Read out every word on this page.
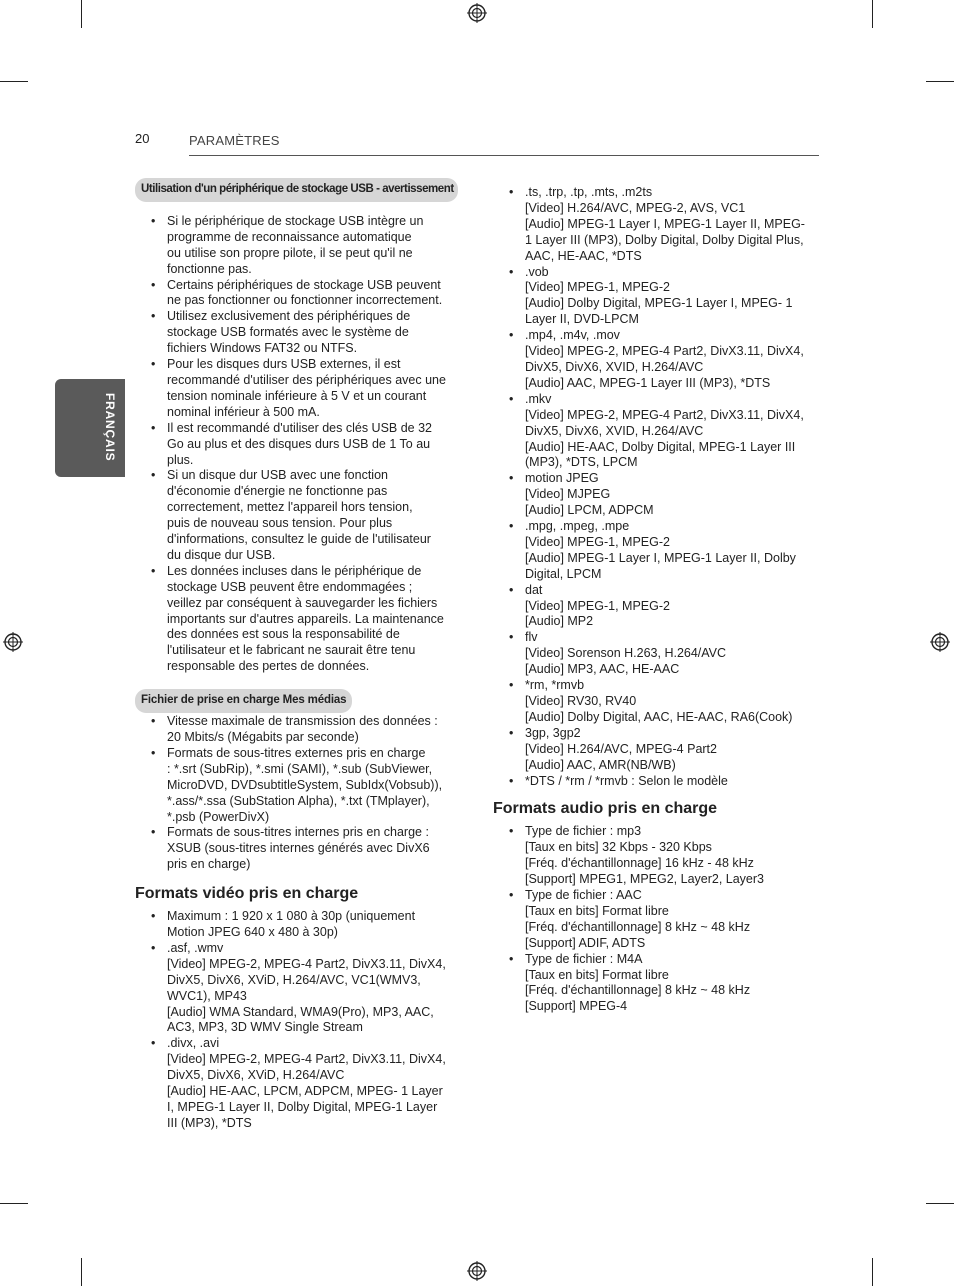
20	PARAMÈTRES
FRANÇAIS
Utilisation d'un périphérique de stockage USB - avertissement
• Si le périphérique de stockage USB intègre un
programme de reconnaissance automatique
ou utilise son propre pilote, il se peut qu'il ne
fonctionne pas.
• Certains périphériques de stockage USB peuvent
ne pas fonctionner ou fonctionner incorrectement.
• Utilisez exclusivement des périphériques de
stockage USB formatés avec le système de
fichiers Windows FAT32 ou NTFS.
• Pour les disques durs USB externes, il est
recommandé d'utiliser des périphériques avec une
tension nominale inférieure à 5 V et un courant
nominal inférieur à 500 mA.
• Il est recommandé d'utiliser des clés USB de 32
Go au plus et des disques durs USB de 1 To au
plus.
• Si un disque dur USB avec une fonction
d'économie d'énergie ne fonctionne pas
correctement, mettez l'appareil hors tension,
puis de nouveau sous tension. Pour plus
d'informations, consultez le guide de l'utilisateur
du disque dur USB.
• Les données incluses dans le périphérique de
stockage USB peuvent être endommagées ;
veillez par conséquent à sauvegarder les fichiers
importants sur d'autres appareils. La maintenance
des données est sous la responsabilité de
l'utilisateur et le fabricant ne saurait être tenu
responsable des pertes de données.
Fichier de prise en charge Mes médias
• Vitesse maximale de transmission des données :
20 Mbits/s (Mégabits par seconde)
• Formats de sous-titres externes pris en charge
: *.srt (SubRip), *.smi (SAMI), *.sub (SubViewer,
MicroDVD, DVDsubtitleSystem, SubIdx(Vobsub)),
*.ass/*.ssa (SubStation Alpha), *.txt (TMplayer),
*.psb (PowerDivX)
• Formats de sous-titres internes pris en charge :
XSUB (sous-titres internes générés avec DivX6
pris en charge)
Formats vidéo pris en charge
• Maximum : 1 920 x 1 080 à 30p (uniquement
Motion JPEG 640 x 480 à 30p)
• .asf, .wmv
[Video] MPEG-2, MPEG-4 Part2, DivX3.11, DivX4,
DivX5, DivX6, XViD, H.264/AVC, VC1(WMV3,
WVC1), MP43
[Audio] WMA Standard, WMA9(Pro), MP3, AAC,
AC3, MP3, 3D WMV Single Stream
• .divx, .avi
[Video] MPEG-2, MPEG-4 Part2, DivX3.11, DivX4,
DivX5, DivX6, XViD, H.264/AVC
[Audio] HE-AAC, LPCM, ADPCM, MPEG- 1 Layer
I, MPEG-1 Layer II, Dolby Digital, MPEG-1 Layer
III (MP3), *DTS
• .ts, .trp, .tp, .mts, .m2ts
[Video] H.264/AVC, MPEG-2, AVS, VC1
[Audio] MPEG-1 Layer I, MPEG-1 Layer II, MPEG-
1 Layer III (MP3), Dolby Digital, Dolby Digital Plus,
AAC, HE-AAC, *DTS
• .vob
[Video] MPEG-1, MPEG-2
[Audio] Dolby Digital, MPEG-1 Layer I, MPEG- 1
Layer II, DVD-LPCM
• .mp4, .m4v, .mov
[Video] MPEG-2, MPEG-4 Part2, DivX3.11, DivX4,
DivX5, DivX6, XVID, H.264/AVC
[Audio] AAC, MPEG-1 Layer III (MP3), *DTS
• .mkv
[Video] MPEG-2, MPEG-4 Part2, DivX3.11, DivX4,
DivX5, DivX6, XVID, H.264/AVC
[Audio] HE-AAC, Dolby Digital, MPEG-1 Layer III
(MP3), *DTS, LPCM
• motion JPEG
[Video] MJPEG
[Audio] LPCM, ADPCM
• .mpg, .mpeg, .mpe
[Video] MPEG-1, MPEG-2
[Audio] MPEG-1 Layer I, MPEG-1 Layer II, Dolby
Digital, LPCM
• dat
[Video] MPEG-1, MPEG-2
[Audio] MP2
• flv
[Video] Sorenson H.263, H.264/AVC
[Audio] MP3, AAC, HE-AAC
• *rm, *rmvb
[Video] RV30, RV40
[Audio] Dolby Digital, AAC, HE-AAC, RA6(Cook)
• 3gp, 3gp2
[Video] H.264/AVC, MPEG-4 Part2
[Audio] AAC, AMR(NB/WB)
• *DTS / *rm / *rmvb : Selon le modèle
Formats audio pris en charge
• Type de fichier : mp3
[Taux en bits] 32 Kbps - 320 Kbps
[Fréq. d'échantillonnage] 16 kHz - 48 kHz
[Support] MPEG1, MPEG2, Layer2, Layer3
• Type de fichier : AAC
[Taux en bits] Format libre
[Fréq. d'échantillonnage] 8 kHz ~ 48 kHz
[Support] ADIF, ADTS
• Type de fichier : M4A
[Taux en bits] Format libre
[Fréq. d'échantillonnage] 8 kHz ~ 48 kHz
[Support] MPEG-4
